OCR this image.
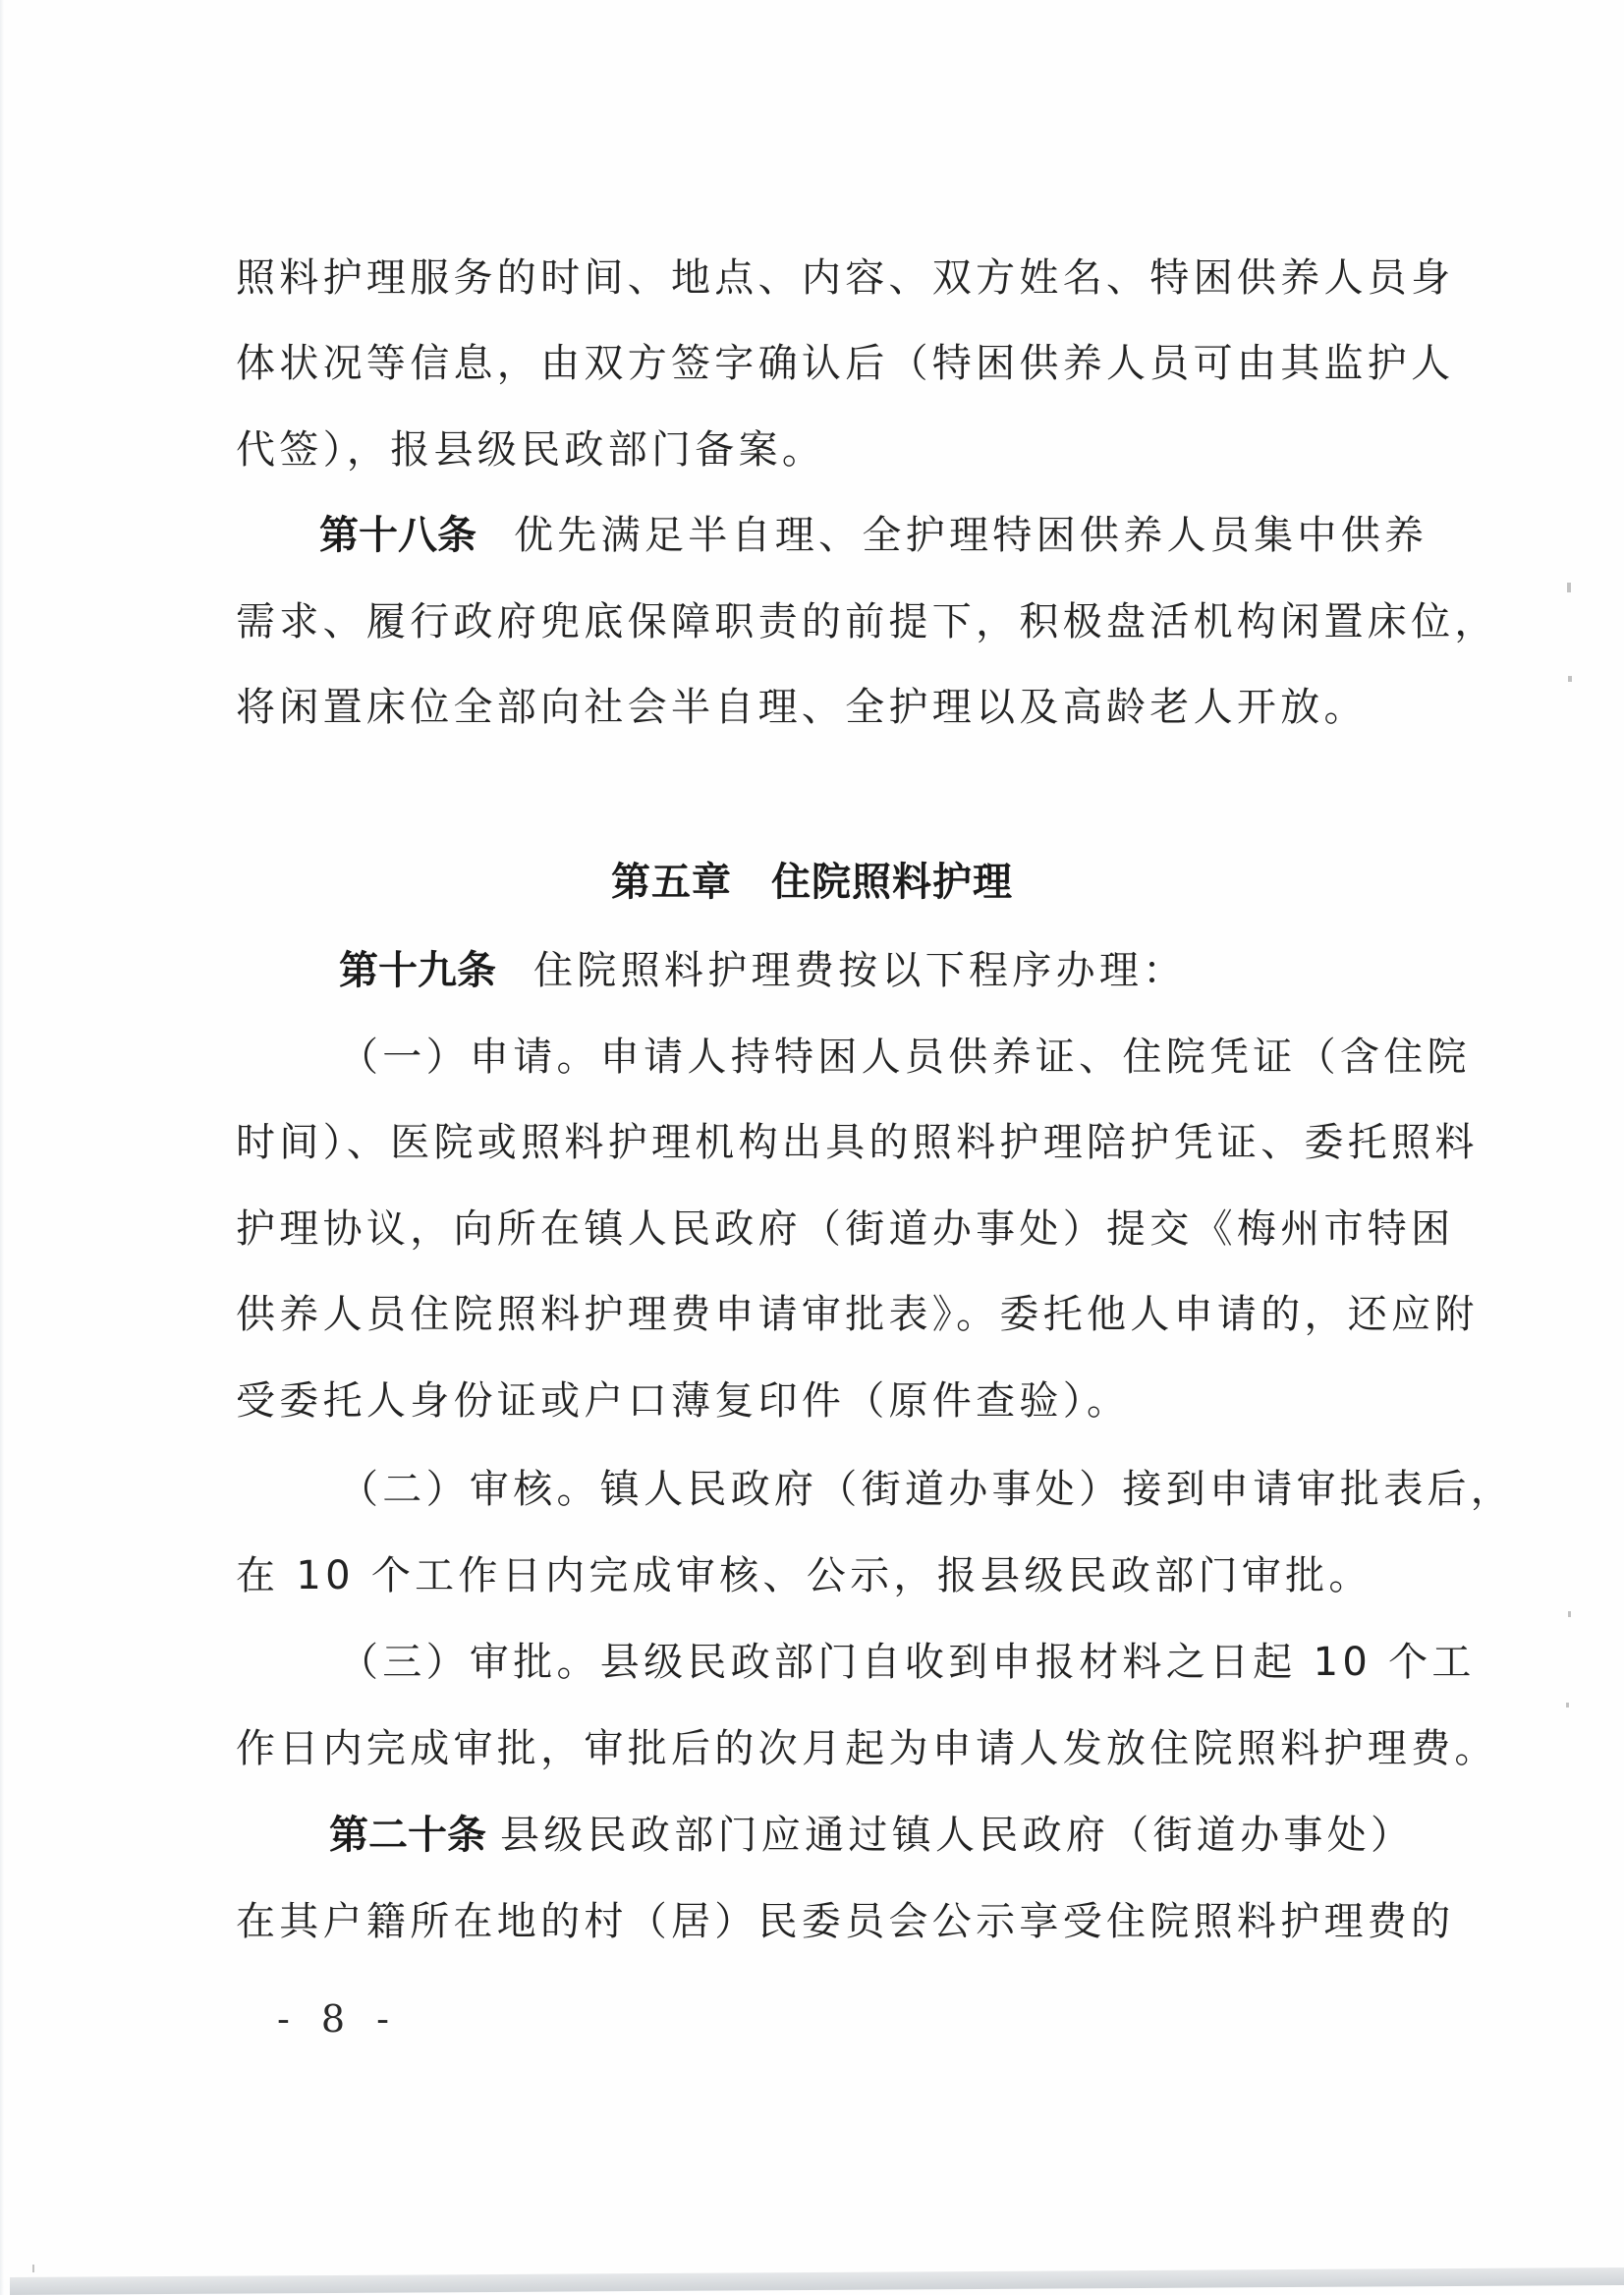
照料护理服务的时间、地点、内容、双方姓名、特困供养人员身
体状况等信息，由双方签字确认后（特困供养人员可由其监护人
代签），报县级民政部门备案。
第十八条 优先满足半自理、全护理特困供养人员集中供养
需求、履行政府兜底保障职责的前提下，积极盘活机构闲置床位，
将闲置床位全部向社会半自理、全护理以及高龄老人开放。
第五章 住院照料护理
第十九条 住院照料护理费按以下程序办理：
（一）申请。申请人持特困人员供养证、住院凭证（含住院
时间）、医院或照料护理机构出具的照料护理陪护凭证、委托照料
护理协议，向所在镇人民政府（街道办事处）提交《梅州市特困
供养人员住院照料护理费申请审批表》。委托他人申请的，还应附
受委托人身份证或户口薄复印件（原件查验）。
（二）审核。镇人民政府（街道办事处）接到申请审批表后，
在 10 个工作日内完成审核、公示，报县级民政部门审批。
（三）审批。县级民政部门自收到申报材料之日起 10 个工
作日内完成审批，审批后的次月起为申请人发放住院照料护理费。
第二十条 县级民政部门应通过镇人民政府（街道办事处）
在其户籍所在地的村（居）民委员会公示享受住院照料护理费的
- 8 -
